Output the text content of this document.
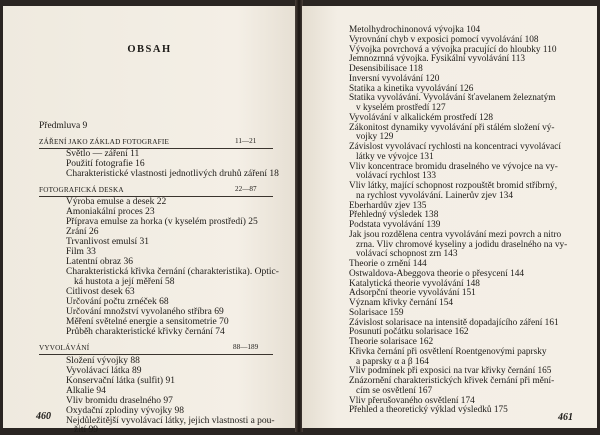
OBSAH
Předmluva 9
ZÁŘENÍ JAKO ZÁKLAD FOTOGRAFIE	11—21
Světlo — záření 11
Použití fotografie 16
Charakteristické vlastnosti jednotlivých druhů záření 18
FOTOGRAFICKÁ DESKA	22—87
Výroba emulse a desek 22
Amoniakální proces 23
Příprava emulse za horka (v kyselém prostředí) 25
Zrání 26
Trvanlivost emulsí 31
Film 33
Latentní obraz 36
Charakteristická křivka černání (charakteristika). Optic-
ká hustota a její měření 58
Citlivost desek 63
Určování počtu zrnéček 68
Určování množství vyvolaného stříbra 69
Měření světelné energie a sensitometrie 70
Průběh charakteristické křivky černání 74
VYVOLÁVÁNÍ	88—189
Složení vývojky 88
Vyvolávací látka 89
Konservační látka (sulfit) 91
Alkalie 94
Vliv bromidu draselného 97
Oxydační zplodiny vývojky 98
Nejdůležitější vyvolávací látky, jejich vlastnosti a pou-
žití 99
460
Metolhydrochinonová vývojka 104
Vyrovnání chyb v exposici pomocí vyvolávání 108
Vývojka povrchová a vývojka pracující do hloubky 110
Jemnozrnná vývojka. Fysikální vyvolávání 113
Desensibilisace 118
Inversní vyvolávání 120
Statika a kinetika vyvolávání 126
Statika vyvolávání. Vyvolávání šťavelanem železnatým
v kyselém prostředí 127
Vyvolávání v alkalickém prostředí 128
Zákonitost dynamiky vyvolávání při stálém složení vý-
vojky 129
Závislost vyvolávací rychlosti na koncentraci vyvolávací
látky ve vývojce 131
Vliv koncentrace bromidu draselného ve vývojce na vy-
volávací rychlost 133
Vliv látky, mající schopnost rozpouštět bromid stříbrný,
na rychlost vyvolávání. Lainerův zjev 134
Eberhardův zjev 135
Přehledný výsledek 138
Podstata vyvolávání 139
Jak jsou rozdělena centra vyvolávání mezi povrch a nitro
zrna. Vliv chromové kyseliny a jodidu draselného na vy-
volávací schopnost zrn 143
Theorie o zrnění 144
Ostwaldova-Abeggova theorie o přesycení 144
Katalytická theorie vyvolávání 148
Adsorpční theorie vyvolávání 151
Význam křivky černání 154
Solarisace 159
Závislost solarisace na intensitě dopadajícího záření 161
Posunutí počátku solarisace 162
Theorie solarisace 162
Křivka černání při osvětlení Roentgenovými paprsky
a paprsky α a β 164
Vliv podmínek při exposici na tvar křivky černání 165
Znázornění charakteristických křivek černání při mění-
cím se osvětlení 167
Vliv přerušovaného osvětlení 174
Přehled a theoretický výklad výsledků 175
461
